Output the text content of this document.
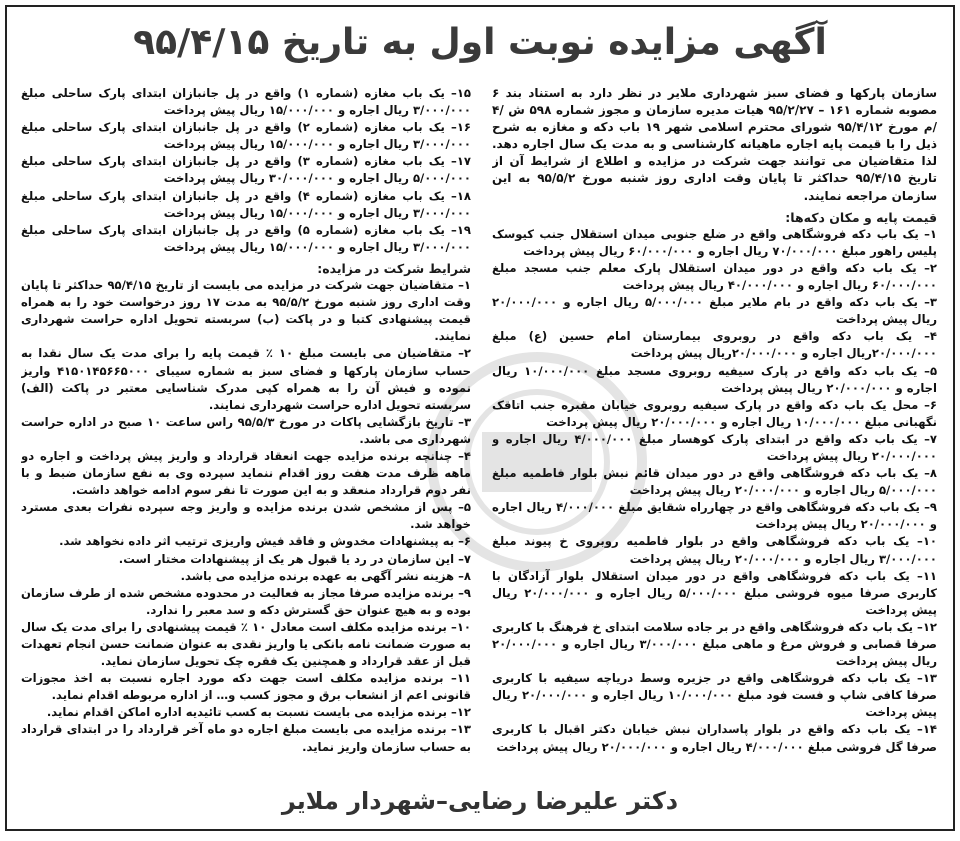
آگهی مزایده نوبت اول به تاریخ ۹۵/۴/۱۵

سازمان پارکها و فضای سبز شهرداری ملایر در نظر دارد به استناد بند ۶ مصوبه شماره ۱۶۱ – ۹۵/۲/۲۷ هیات مدیره سازمان و مجوز شماره ۵۹۸ ش /۴ /م مورخ ۹۵/۴/۱۲ شورای محترم اسلامی شهر ۱۹ باب دکه و مغازه به شرح ذیل را با قیمت پایه اجاره ماهیانه کارشناسی و به مدت یک سال اجاره دهد. لذا متقاضیان می توانند جهت شرکت در مزایده و اطلاع از شرایط آن از تاریخ ۹۵/۴/۱۵ حداکثر تا پایان وقت اداری روز شنبه مورخ ۹۵/۵/۲ به این سازمان مراجعه نمایند.

قیمت پایه و مکان دکه‌ها:

۱– یک باب دکه فروشگاهی واقع در ضلع جنوبی میدان استقلال جنب کیوسک پلیس راهور مبلغ ۷۰/۰۰۰/۰۰۰ ریال اجاره و ۶۰/۰۰۰/۰۰۰ ریال پیش پرداخت

۲– یک باب دکه واقع در دور میدان استقلال پارک معلم جنب مسجد مبلغ ۶۰/۰۰۰/۰۰۰ ریال اجاره و ۴۰/۰۰۰/۰۰۰ ریال پیش پرداخت

۳– یک باب دکه واقع در بام ملایر مبلغ ۵/۰۰۰/۰۰۰ ریال اجاره و ۲۰/۰۰۰/۰۰۰ ریال پیش پرداخت

۴– یک باب دکه واقع در روبروی بیمارستان امام حسین (ع) مبلغ ۲۰/۰۰۰/۰۰۰ریال اجاره و ۲۰/۰۰۰/۰۰۰ریال پیش پرداخت

۵– یک باب دکه واقع در پارک سیفیه روبروی مسجد مبلغ ۱۰/۰۰۰/۰۰۰ ریال اجاره و ۲۰/۰۰۰/۰۰۰ ریال پیش پرداخت

۶– محل یک باب دکه واقع در پارک سیفیه روبروی خیابان مقبره جنب اتاقک نگهبانی مبلغ ۱۰/۰۰۰/۰۰۰ ریال اجاره و ۲۰/۰۰۰/۰۰۰ ریال پیش پرداخت

۷– یک باب دکه واقع در ابتدای پارک کوهسار مبلغ ۴/۰۰۰/۰۰۰ ریال اجاره و ۲۰/۰۰۰/۰۰۰ ریال پیش پرداخت

۸– یک باب دکه فروشگاهی واقع در دور میدان قائم نبش بلوار فاطمیه مبلغ ۵/۰۰۰/۰۰۰ ریال اجاره و ۲۰/۰۰۰/۰۰۰ ریال پیش پرداخت

۹– یک باب دکه فروشگاهی واقع در چهارراه شقایق مبلغ ۴/۰۰۰/۰۰۰ ریال اجاره و ۲۰/۰۰۰/۰۰۰ ریال پیش پرداخت

۱۰– یک باب دکه فروشگاهی واقع در بلوار فاطمیه روبروی خ پیوند مبلغ ۳/۰۰۰/۰۰۰ ریال اجاره و ۲۰/۰۰۰/۰۰۰ ریال پیش پرداخت

۱۱– یک باب دکه فروشگاهی واقع در دور میدان استقلال بلوار آزادگان با کاربری صرفا میوه فروشی مبلغ ۵/۰۰۰/۰۰۰ ریال اجاره و ۲۰/۰۰۰/۰۰۰ ریال پیش پرداخت

۱۲– یک باب دکه فروشگاهی واقع در بر جاده سلامت ابتدای خ فرهنگ با کاربری صرفا قصابی و فروش مرغ و ماهی مبلغ ۳/۰۰۰/۰۰۰ ریال اجاره و ۲۰/۰۰۰/۰۰۰ ریال پیش پرداخت

۱۳– یک باب دکه فروشگاهی واقع در جزیره وسط دریاچه سیفیه با کاربری صرفا کافی شاپ و فست فود مبلغ ۱۰/۰۰۰/۰۰۰ ریال اجاره و ۲۰/۰۰۰/۰۰۰ ریال پیش پرداخت

۱۴– یک باب دکه واقع در بلوار پاسداران نبش خیابان دکتر اقبال با کاربری صرفا گل فروشی مبلغ ۴/۰۰۰/۰۰۰ ریال اجاره و ۲۰/۰۰۰/۰۰۰ ریال پیش پرداخت

۱۵– یک باب مغازه (شماره ۱) واقع در پل جانبازان ابتدای پارک ساحلی مبلغ ۳/۰۰۰/۰۰۰ ریال اجاره و ۱۵/۰۰۰/۰۰۰ ریال پیش پرداخت

۱۶– یک باب مغازه (شماره ۲) واقع در پل جانبازان ابتدای پارک ساحلی مبلغ ۳/۰۰۰/۰۰۰ ریال اجاره و ۱۵/۰۰۰/۰۰۰ ریال پیش پرداخت

۱۷– یک باب مغازه (شماره ۳) واقع در پل جانبازان ابتدای پارک ساحلی مبلغ ۵/۰۰۰/۰۰۰ ریال اجاره و ۳۰/۰۰۰/۰۰۰ ریال پیش پرداخت

۱۸– یک باب مغازه (شماره ۴) واقع در پل جانبازان ابتدای پارک ساحلی مبلغ ۳/۰۰۰/۰۰۰ ریال اجاره و ۱۵/۰۰۰/۰۰۰ ریال پیش پرداخت

۱۹– یک باب مغازه (شماره ۵) واقع در پل جانبازان ابتدای پارک ساحلی مبلغ ۳/۰۰۰/۰۰۰ ریال اجاره و ۱۵/۰۰۰/۰۰۰ ریال پیش پرداخت

شرایط شرکت در مزایده:

۱– متقاضیان جهت شرکت در مزایده می بایست از تاریخ ۹۵/۴/۱۵ حداکثر تا پایان وقت اداری روز شنبه مورخ ۹۵/۵/۲ به مدت ۱۷ روز درخواست خود را به همراه قیمت پیشنهادی کتبا و در پاکت (ب) سربسته تحویل اداره حراست شهرداری نمایند.

۲– متقاضیان می بایست مبلغ ۱۰ ٪ قیمت پایه را برای مدت یک سال نقدا به حساب سازمان پارکها و فضای سبز به شماره سیبای ۴۱۵۰۱۴۵۶۶۵۰۰۰ واریز نموده و فیش آن را به همراه کپی مدرک شناسایی معتبر در پاکت (الف) سربسته تحویل اداره حراست شهرداری نمایند.

۳– تاریخ بازگشایی پاکات در مورخ ۹۵/۵/۳ راس ساعت ۱۰ صبح در اداره حراست شهرداری می باشد.

۴– چنانچه برنده مزایده جهت انعقاد قرارداد و واریز پیش پرداخت و اجاره دو ماهه ظرف مدت هفت روز اقدام ننماید سپرده وی به نفع سازمان ضبط و با نفر دوم قرارداد منعقد و به این صورت تا نفر سوم ادامه خواهد داشت.

۵– پس از مشخص شدن برنده مزایده و واریز وجه سپرده نفرات بعدی مسترد خواهد شد.

۶– به پیشنهادات مخدوش و فاقد فیش واریزی ترتیب اثر داده نخواهد شد.

۷– این سازمان در رد یا قبول هر یک از پیشنهادات مختار است.

۸– هزینه نشر آگهی به عهده برنده مزایده می باشد.

۹– برنده مزایده صرفا مجاز به فعالیت در محدوده مشخص شده از طرف سازمان بوده و به هیچ عنوان حق گسترش دکه و سد معبر را ندارد.

۱۰– برنده مزایده مکلف است معادل ۱۰ ٪ قیمت پیشنهادی را برای مدت یک سال به صورت ضمانت نامه بانکی یا واریز نقدی به عنوان ضمانت حسن انجام تعهدات قبل از عقد قرارداد و همچنین یک فقره چک تحویل سازمان نماید.

۱۱– برنده مزایده مکلف است جهت دکه مورد اجاره نسبت به اخذ مجوزات قانونی اعم از انشعاب برق و مجوز کسب و… از اداره مربوطه اقدام نماید.

۱۲– برنده مزایده می بایست نسبت به کسب تائیدیه اداره اماکن اقدام نماید.

۱۳– برنده مزایده می بایست مبلغ اجاره دو ماه آخر قرارداد را در ابتدای قرارداد به حساب سازمان واریز نماید.

دکتر علیرضا رضایی–شهردار ملایر
